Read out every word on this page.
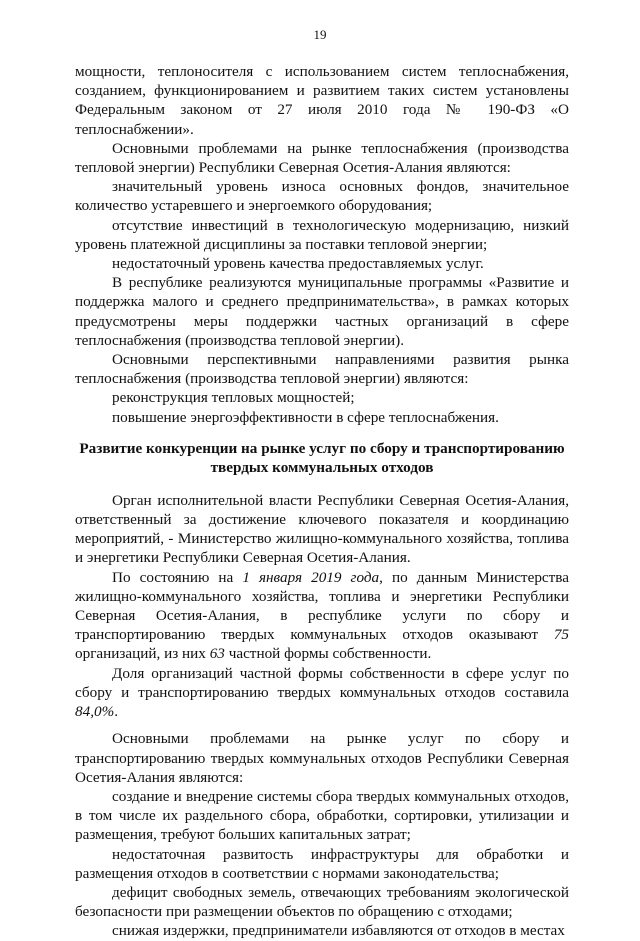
19

мощности, теплоносителя с использованием систем теплоснабжения, созданием, функционированием и развитием таких систем установлены Федеральным законом от 27 июля 2010 года № 190-ФЗ «О теплоснабжении».

Основными проблемами на рынке теплоснабжения (производства тепловой энергии) Республики Северная Осетия-Алания являются:

значительный уровень износа основных фондов, значительное количество устаревшего и энергоемкого оборудования;

отсутствие инвестиций в технологическую модернизацию, низкий уровень платежной дисциплины за поставки тепловой энергии;

недостаточный уровень качества предоставляемых услуг.

В республике реализуются муниципальные программы «Развитие и поддержка малого и среднего предпринимательства», в рамках которых предусмотрены меры поддержки частных организаций в сфере теплоснабжения (производства тепловой энергии).

Основными перспективными направлениями развития рынка теплоснабжения (производства тепловой энергии) являются:

реконструкция тепловых мощностей;

повышение энергоэффективности в сфере теплоснабжения.

Развитие конкуренции на рынке услуг по сбору и транспортированию твердых коммунальных отходов

Орган исполнительной власти Республики Северная Осетия-Алания, ответственный за достижение ключевого показателя и координацию мероприятий, - Министерство жилищно-коммунального хозяйства, топлива и энергетики Республики Северная Осетия-Алания.

По состоянию на 1 января 2019 года, по данным Министерства жилищно-коммунального хозяйства, топлива и энергетики Республики Северная Осетия-Алания, в республике услуги по сбору и транспортированию твердых коммунальных отходов оказывают 75 организаций, из них 63 частной формы собственности.

Доля организаций частной формы собственности в сфере услуг по сбору и транспортированию твердых коммунальных отходов составила 84,0%.

Основными проблемами на рынке услуг по сбору и транспортированию твердых коммунальных отходов Республики Северная Осетия-Алания являются:

создание и внедрение системы сбора твердых коммунальных отходов, в том числе их раздельного сбора, обработки, сортировки, утилизации и размещения, требуют больших капитальных затрат;

недостаточная развитость инфраструктуры для обработки и размещения отходов в соответствии с нормами законодательства;

дефицит свободных земель, отвечающих требованиям экологической безопасности при размещении объектов по обращению с отходами;

снижая издержки, предприниматели избавляются от отходов в местах
